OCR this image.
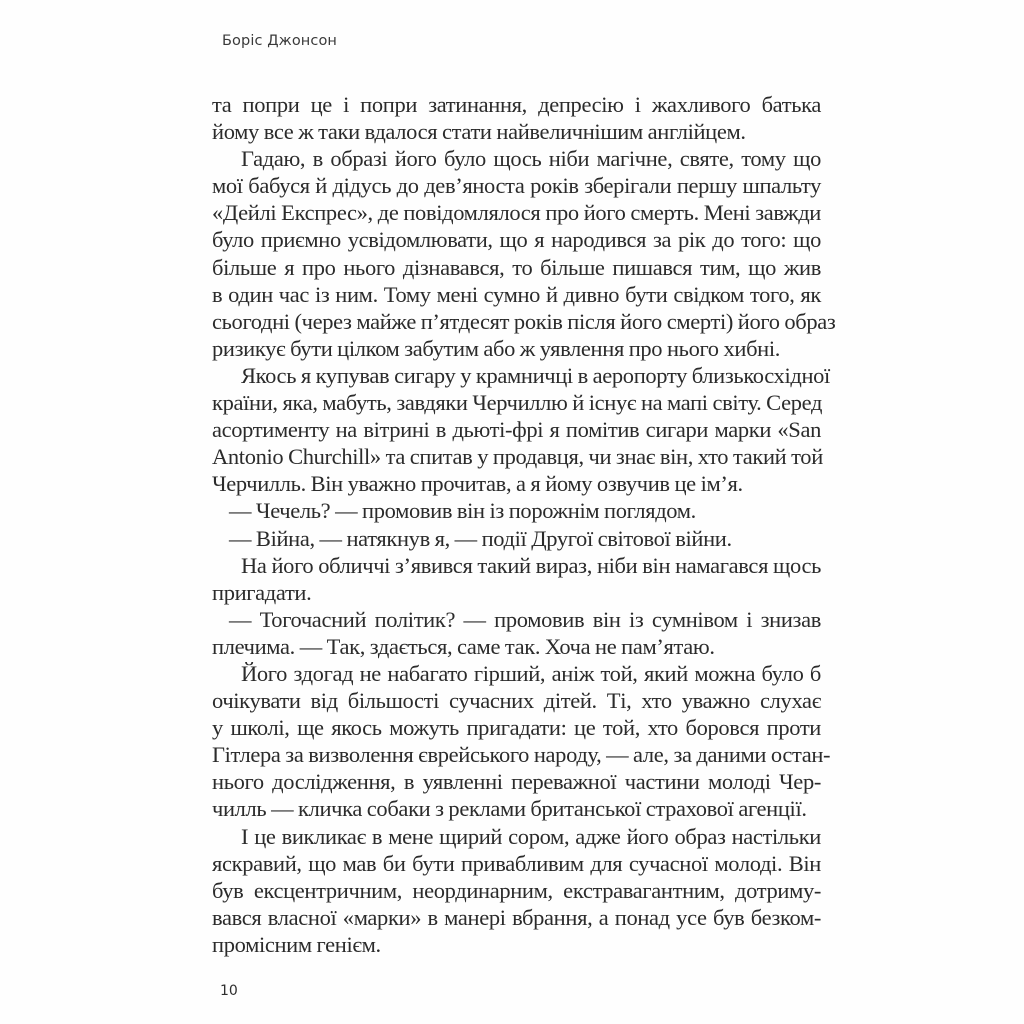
Боріс Джонсон
та попри це і попри затинання, депресію і жахливого батька
йому все ж таки вдалося стати найвеличнішим англійцем.
Гадаю, в образі його було щось ніби магічне, святе, тому що
мої бабуся й дідусь до дев’яноста років зберігали першу шпальту
«Дейлі Експрес», де повідомлялося про його смерть. Мені завжди
було приємно усвідомлювати, що я народився за рік до того: що
більше я про нього дізнавався, то більше пишався тим, що жив
в один час із ним. Тому мені сумно й дивно бути свідком того, як
сьогодні (через майже п’ятдесят років після його смерті) його образ
ризикує бути цілком забутим або ж уявлення про нього хибні.
Якось я купував сигару у крамничці в аеропорту близькосхідної
країни, яка, мабуть, завдяки Черчиллю й існує на мапі світу. Серед
асортименту на вітрині в дьюті-фрі я помітив сигари марки «San
Antonio Churchill» та спитав у продавця, чи знає він, хто такий той
Черчилль. Він уважно прочитав, а я йому озвучив це ім’я.
— Чечель? — промовив він із порожнім поглядом.
— Війна, — натякнув я, — події Другої світової війни.
На його обличчі з’явився такий вираз, ніби він намагався щось
пригадати.
— Тогочасний політик? — промовив він із сумнівом і знизав
плечима. — Так, здається, саме так. Хоча не пам’ятаю.
Його здогад не набагато гірший, аніж той, який можна було б
очікувати від більшості сучасних дітей. Ті, хто уважно слухає
у школі, ще якось можуть пригадати: це той, хто боровся проти
Гітлера за визволення єврейського народу, — але, за даними остан-
нього дослідження, в уявленні переважної частини молоді Чер-
чилль — кличка собаки з реклами британської страхової агенції.
І це викликає в мене щирий сором, адже його образ настільки
яскравий, що мав би бути привабливим для сучасної молоді. Він
був ексцентричним, неординарним, екстравагантним, дотриму-
вався власної «марки» в манері вбрання, а понад усе був безком-
промісним генієм.
10
